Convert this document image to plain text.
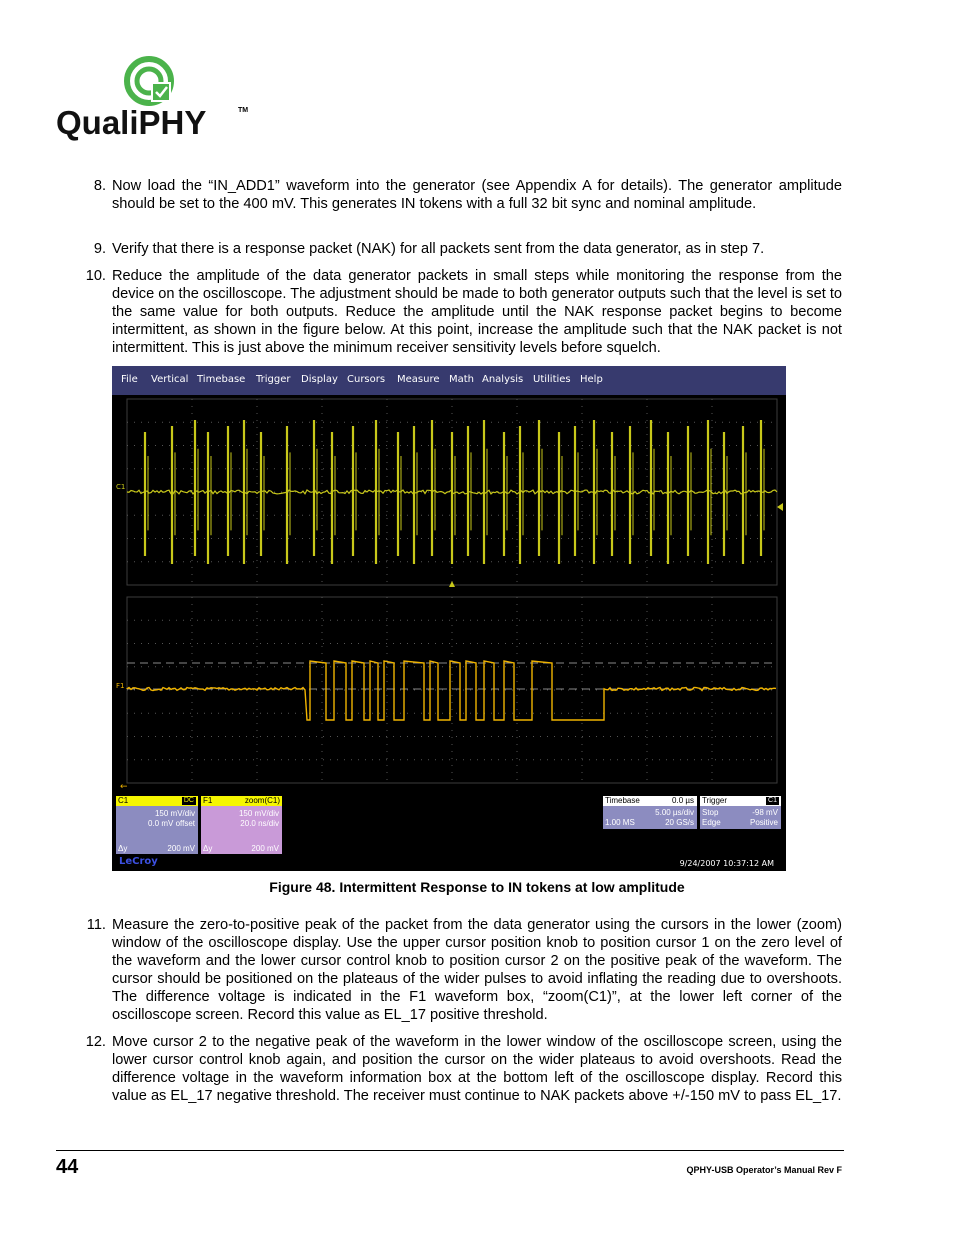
QualiPHY	TM
8. Now load the “IN_ADD1” waveform into the generator (see Appendix A for details). The generator amplitude should be set to the 400 mV. This generates IN tokens with a full 32 bit sync and nominal amplitude.
9. Verify that there is a response packet (NAK) for all packets sent from the data generator, as in step 7.
10. Reduce the amplitude of the data generator packets in small steps while monitoring the response from the device on the oscilloscope. The adjustment should be made to both generator outputs such that the level is set to the same value for both outputs. Reduce the amplitude until the NAK response packet begins to become intermittent, as shown in the figure below. At this point, increase the amplitude such that the NAK packet is not intermittent. This is just above the minimum receiver sensitivity levels before squelch.
File Vertical Timebase Trigger Display Cursors Measure Math Analysis Utilities Help
C1
F1
←
C1	DC
150 mV/div
0.0 mV offset
Δy	200 mV
F1	zoom(C1)
150 mV/div
20.0 ns/div
Δy	200 mV
Timebase	0.0 µs
5.00 µs/div
1.00 MS	20 GS/s
Trigger	C1
Stop	-98 mV
Edge	Positive
LeCroy	9/24/2007 10:37:12 AM
Figure 48. Intermittent Response to IN tokens at low amplitude
11. Measure the zero-to-positive peak of the packet from the data generator using the cursors in the lower (zoom) window of the oscilloscope display. Use the upper cursor position knob to position cursor 1 on the zero level of the waveform and the lower cursor control knob to position cursor 2 on the positive peak of the waveform. The cursor should be positioned on the plateaus of the wider pulses to avoid inflating the reading due to overshoots. The difference voltage is indicated in the F1 waveform box, “zoom(C1)”, at the lower left corner of the oscilloscope screen. Record this value as EL_17 positive threshold.
12. Move cursor 2 to the negative peak of the waveform in the lower window of the oscilloscope screen, using the lower cursor control knob again, and position the cursor on the wider plateaus to avoid overshoots. Read the difference voltage in the waveform information box at the bottom left of the oscilloscope display. Record this value as EL_17 negative threshold. The receiver must continue to NAK packets above +/-150 mV to pass EL_17.
44	QPHY-USB Operator’s Manual Rev F
